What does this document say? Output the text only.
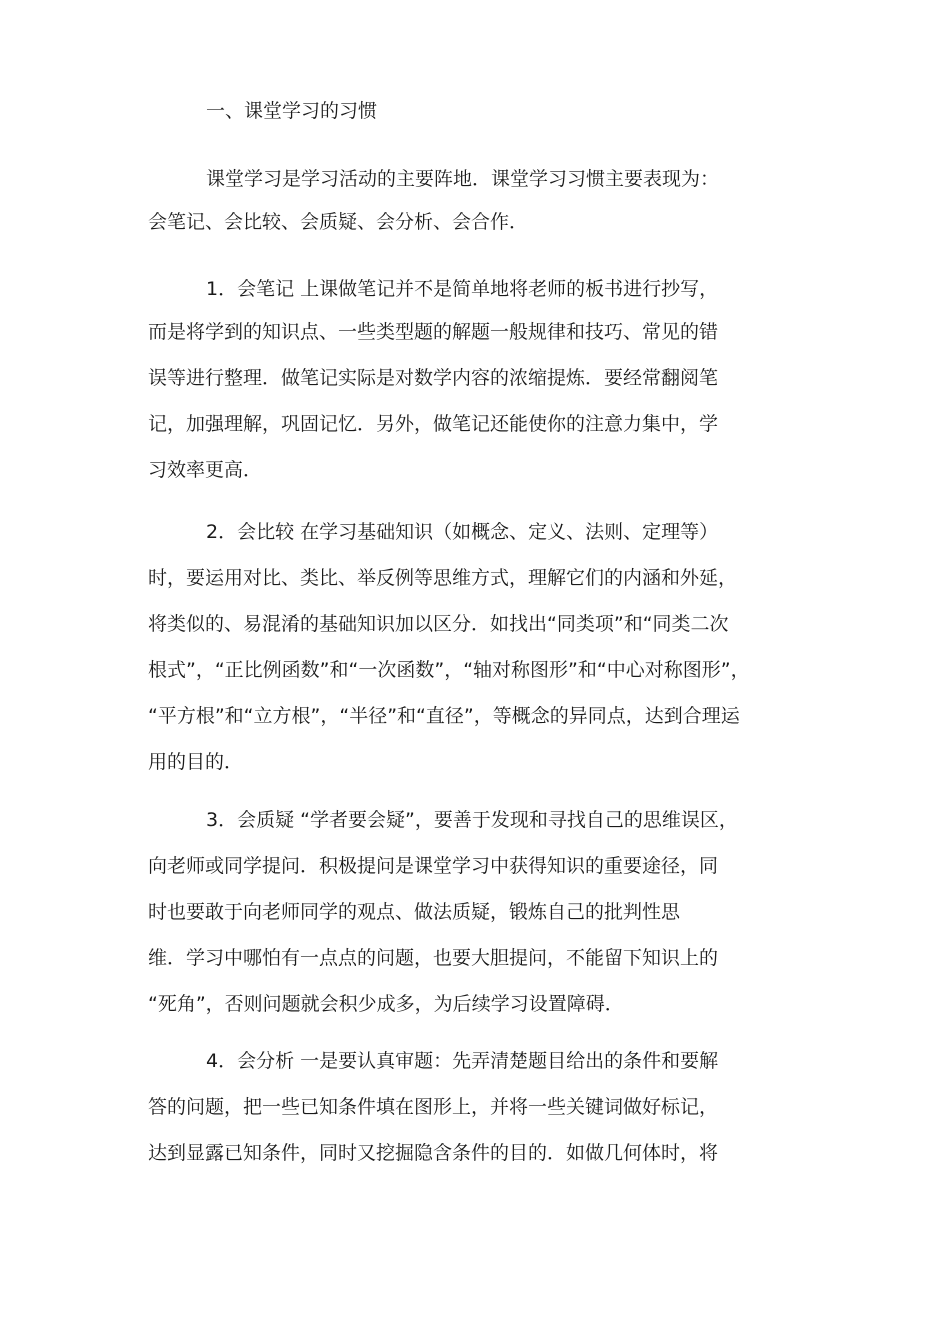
一、课堂学习的习惯
课堂学习是学习活动的主要阵地．课堂学习习惯主要表现为：
会笔记、会比较、会质疑、会分析、会合作．
1．会笔记 上课做笔记并不是简单地将老师的板书进行抄写，
而是将学到的知识点、一些类型题的解题一般规律和技巧、常见的错
误等进行整理．做笔记实际是对数学内容的浓缩提炼．要经常翻阅笔
记，加强理解，巩固记忆．另外，做笔记还能使你的注意力集中，学
习效率更高．
2．会比较 在学习基础知识（如概念、定义、法则、定理等）
时，要运用对比、类比、举反例等思维方式，理解它们的内涵和外延，
将类似的、易混淆的基础知识加以区分．如找出“同类项”和“同类二次
根式”，“正比例函数”和“一次函数”，“轴对称图形”和“中心对称图形”，
“平方根”和“立方根”，“半径”和“直径”，等概念的异同点，达到合理运
用的目的．
3．会质疑 “学者要会疑”，要善于发现和寻找自己的思维误区，
向老师或同学提问．积极提问是课堂学习中获得知识的重要途径，同
时也要敢于向老师同学的观点、做法质疑，锻炼自己的批判性思
维．学习中哪怕有一点点的问题，也要大胆提问，不能留下知识上的
“死角”，否则问题就会积少成多，为后续学习设置障碍．
4．会分析 一是要认真审题：先弄清楚题目给出的条件和要解
答的问题，把一些已知条件填在图形上，并将一些关键词做好标记，
达到显露已知条件，同时又挖掘隐含条件的目的．如做几何体时，将
